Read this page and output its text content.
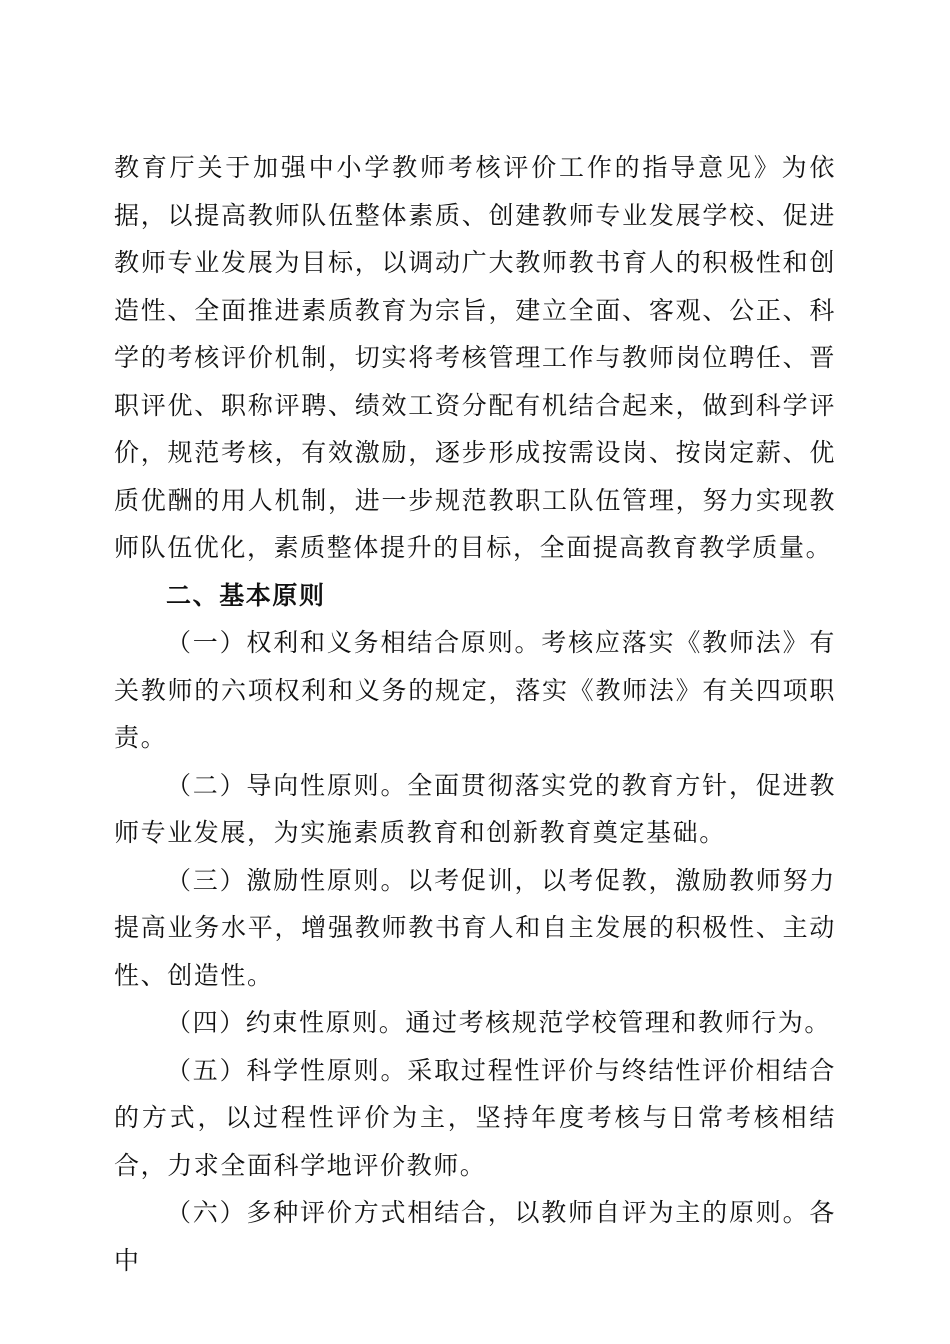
教育厅关于加强中小学教师考核评价工作的指导意见》为依据，以提高教师队伍整体素质、创建教师专业发展学校、促进教师专业发展为目标，以调动广大教师教书育人的积极性和创造性、全面推进素质教育为宗旨，建立全面、客观、公正、科学的考核评价机制，切实将考核管理工作与教师岗位聘任、晋职评优、职称评聘、绩效工资分配有机结合起来，做到科学评价，规范考核，有效激励，逐步形成按需设岗、按岗定薪、优质优酬的用人机制，进一步规范教职工队伍管理，努力实现教师队伍优化，素质整体提升的目标，全面提高教育教学质量。

二、基本原则

（一）权利和义务相结合原则。考核应落实《教师法》有关教师的六项权利和义务的规定，落实《教师法》有关四项职责。

（二）导向性原则。全面贯彻落实党的教育方针，促进教师专业发展，为实施素质教育和创新教育奠定基础。

（三）激励性原则。以考促训，以考促教，激励教师努力提高业务水平，增强教师教书育人和自主发展的积极性、主动性、创造性。

（四）约束性原则。通过考核规范学校管理和教师行为。

（五）科学性原则。采取过程性评价与终结性评价相结合的方式，以过程性评价为主，坚持年度考核与日常考核相结合，力求全面科学地评价教师。

（六）多种评价方式相结合，以教师自评为主的原则。各中
